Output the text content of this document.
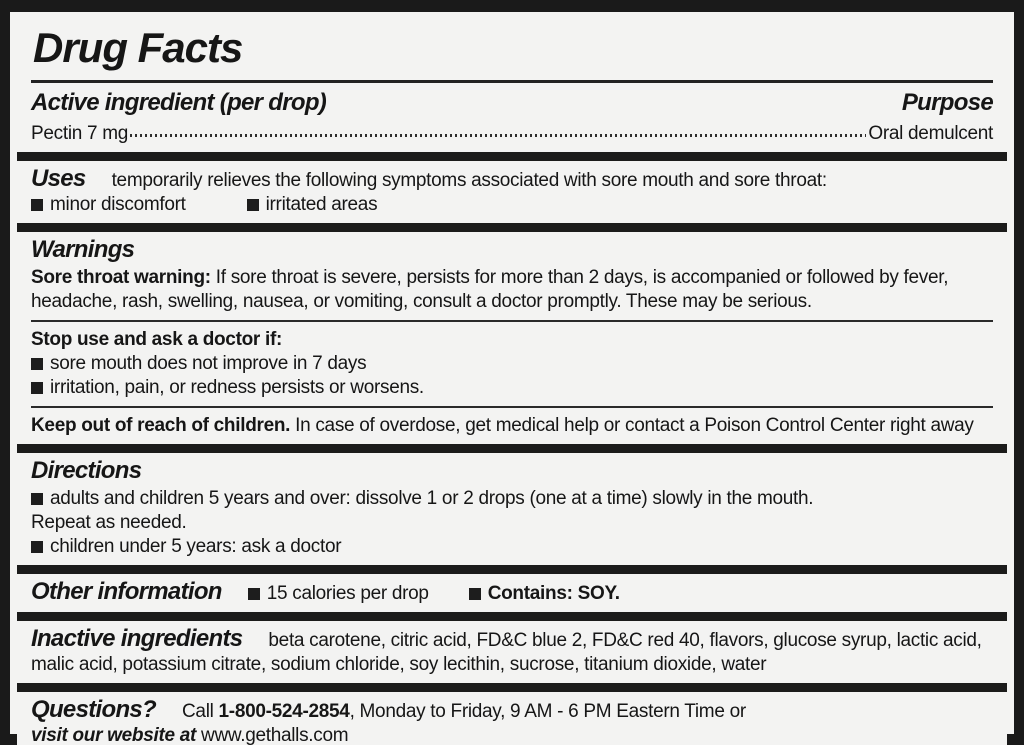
Drug Facts
Active ingredient (per drop)	Purpose
Pectin 7 mg	Oral demulcent
Uses temporarily relieves the following symptoms associated with sore mouth and sore throat:
minor discomfort	irritated areas
Warnings
Sore throat warning: If sore throat is severe, persists for more than 2 days, is accompanied or followed by fever, headache, rash, swelling, nausea, or vomiting, consult a doctor promptly. These may be serious.
Stop use and ask a doctor if:
sore mouth does not improve in 7 days
irritation, pain, or redness persists or worsens.
Keep out of reach of children. In case of overdose, get medical help or contact a Poison Control Center right away
Directions
adults and children 5 years and over: dissolve 1 or 2 drops (one at a time) slowly in the mouth.
Repeat as needed.
children under 5 years: ask a doctor
Other information 15 calories per drop	Contains: SOY.
Inactive ingredients beta carotene, citric acid, FD&C blue 2, FD&C red 40, flavors, glucose syrup, lactic acid, malic acid, potassium citrate, sodium chloride, soy lecithin, sucrose, titanium dioxide, water
Questions? Call 1-800-524-2854, Monday to Friday, 9 AM - 6 PM Eastern Time or
visit our website at www.gethalls.com
